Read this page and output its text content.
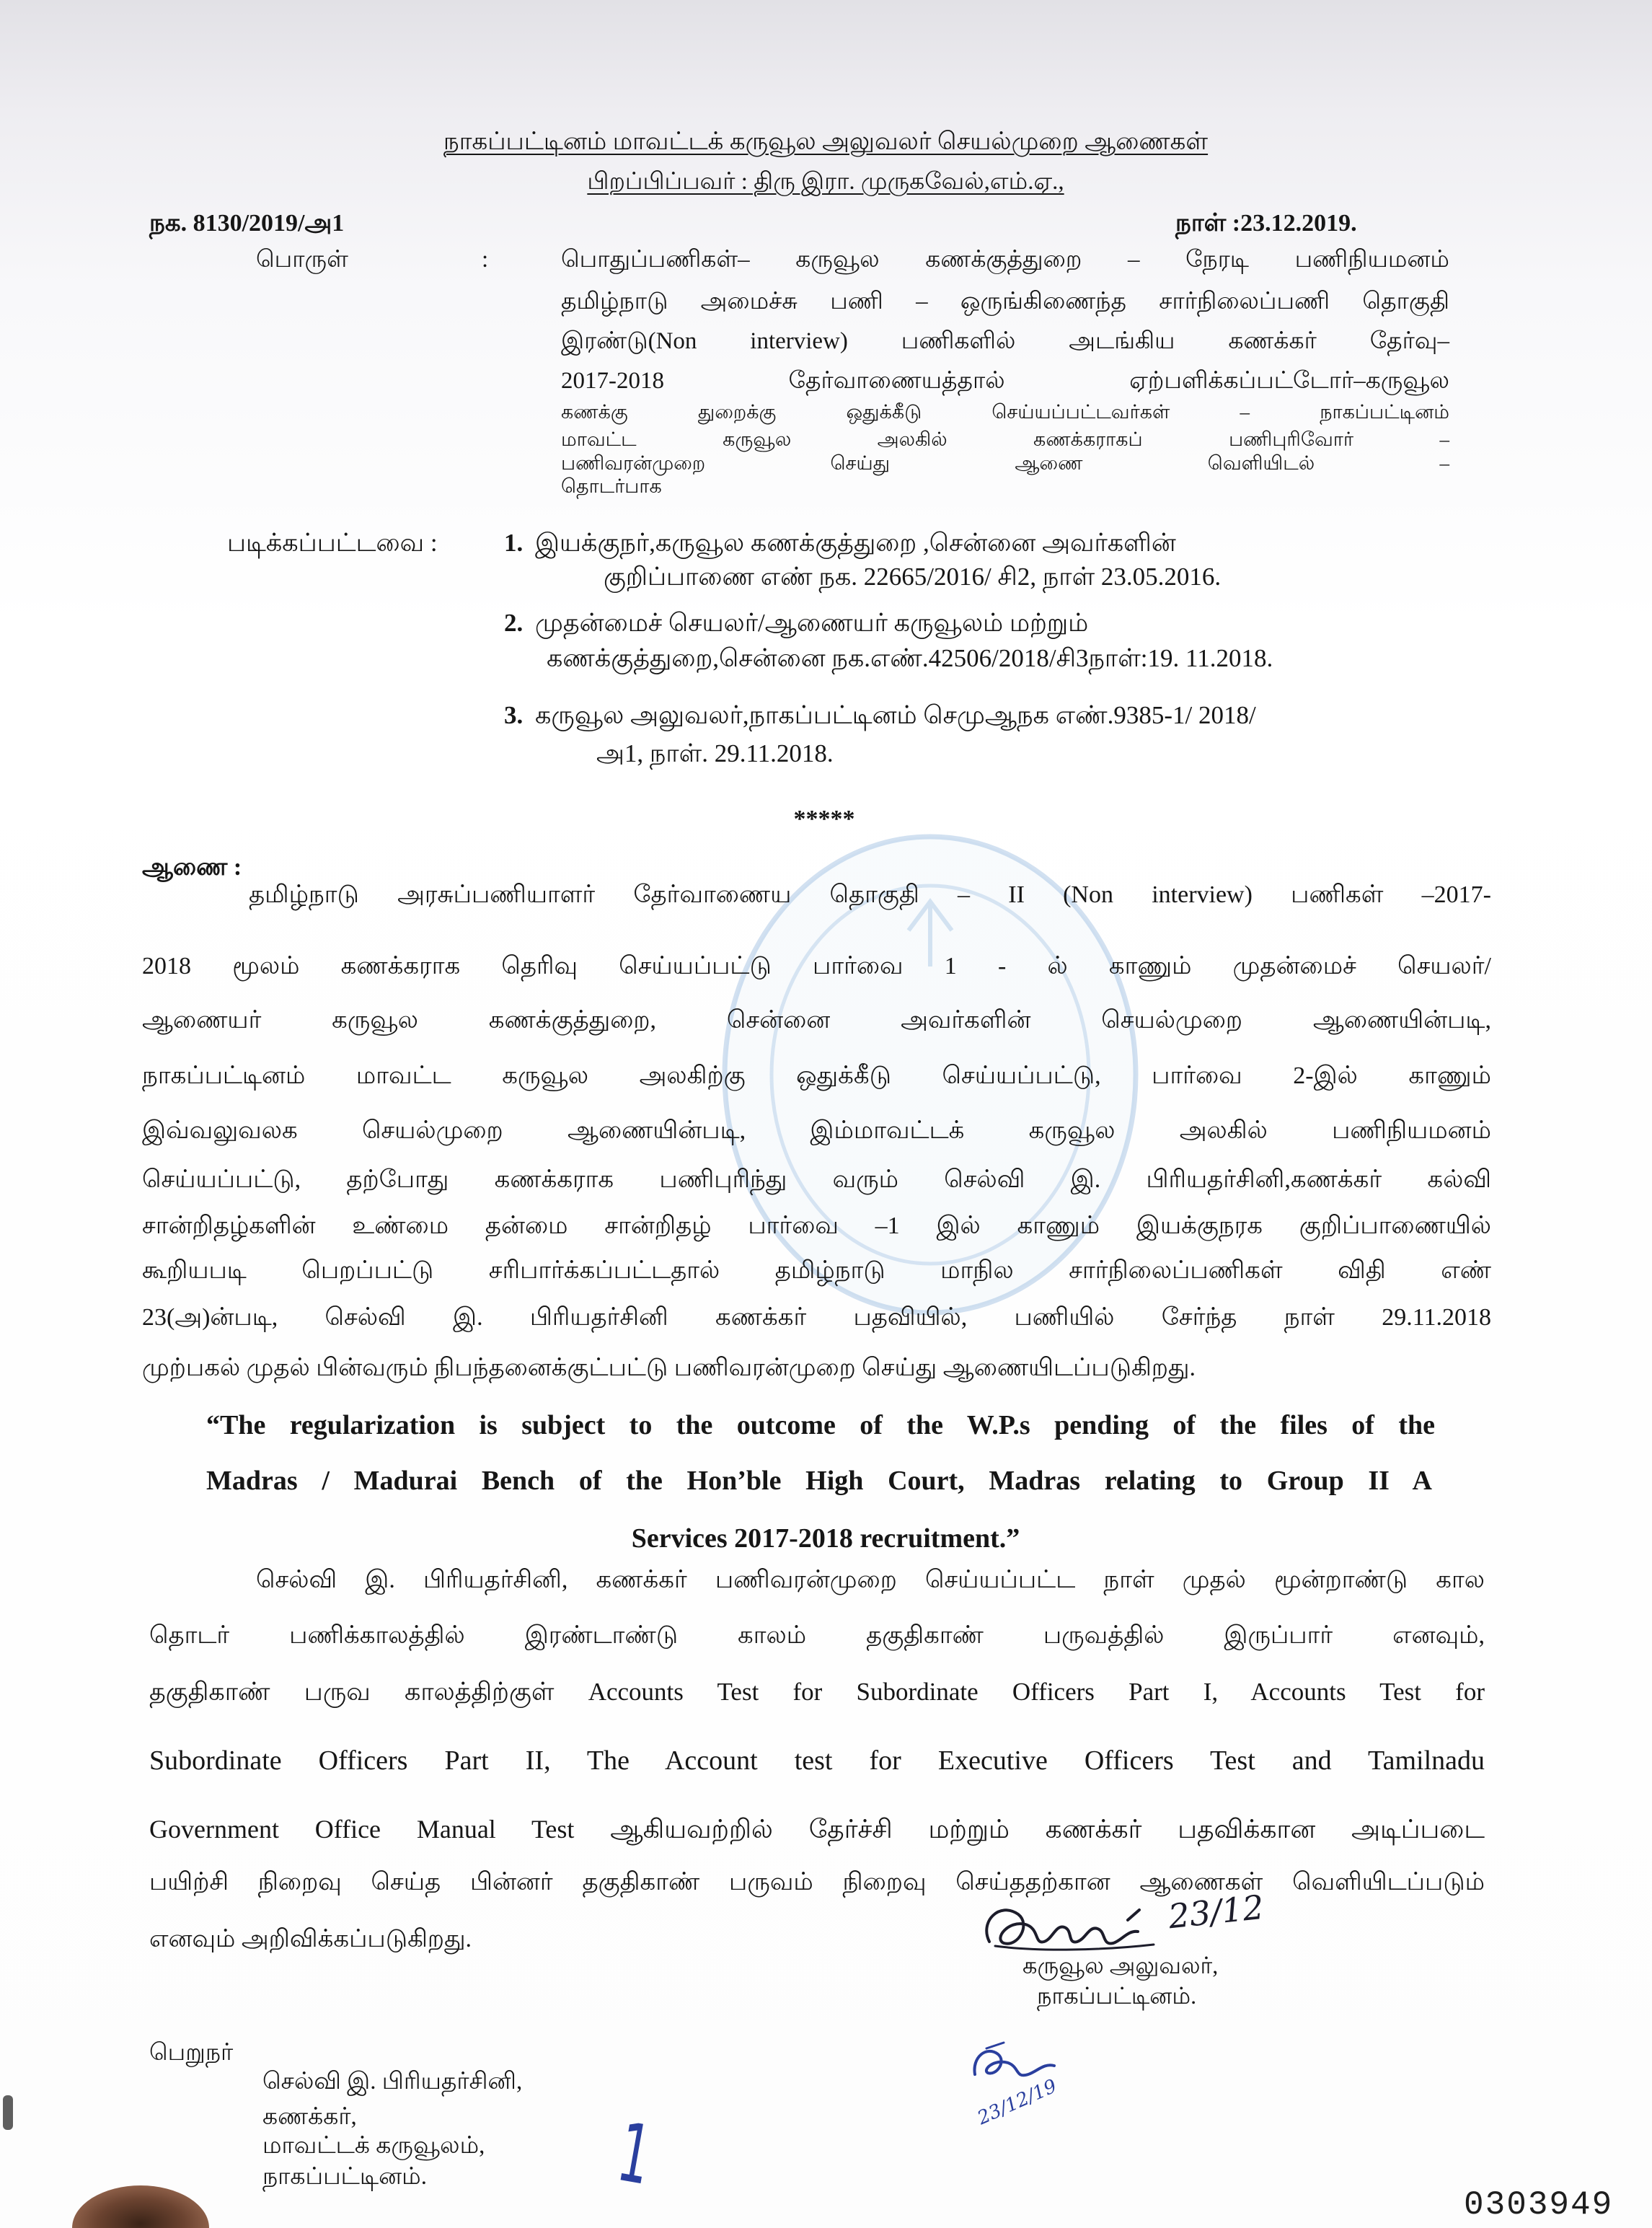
நாகப்பட்டினம் மாவட்டக் கருவூல அலுவலர் செயல்முறை ஆணைகள்
பிறப்பிப்பவர் : திரு இரா. முருகவேல்,எம்.ஏ.,
நக. 8130/2019/அ1	நாள் :23.12.2019.
பொருள்	:	பொதுப்பணிகள்– கருவூல கணக்குத்துறை – நேரடி பணிநியமனம்
தமிழ்நாடு அமைச்சு பணி – ஒருங்கிணைந்த சார்நிலைப்பணி தொகுதி
இரண்டு(Non interview) பணிகளில் அடங்கிய கணக்கர் தேர்வு–
2017-2018 தேர்வாணையத்தால் ஏற்பளிக்கப்பட்டோர்–கருவூல
கணக்கு துறைக்கு ஒதுக்கீடு செய்யப்பட்டவர்கள் – நாகப்பட்டினம்
மாவட்ட கருவூல அலகில் கணக்கராகப் பணிபுரிவோர் –
பணிவரன்முறை செய்து ஆணை வெளியிடல் –
தொடர்பாக
படிக்கப்பட்டவை :	1. இயக்குநர்,கருவூல கணக்குத்துறை ,சென்னை அவர்களின்
குறிப்பாணை எண் நக. 22665/2016/ சி2, நாள் 23.05.2016.
2. முதன்மைச் செயலர்/ஆணையர் கருவூலம் மற்றும்
கணக்குத்துறை,சென்னை நக.எண்.42506/2018/சி3நாள்:19. 11.2018.
3. கருவூல அலுவலர்,நாகப்பட்டினம் செமுஆநக எண்.9385-1/ 2018/
அ1, நாள். 29.11.2018.
*****
ஆணை :
தமிழ்நாடு அரசுப்பணியாளர் தேர்வாணைய தொகுதி – II (Non interview) பணிகள் –2017-
2018 மூலம் கணக்கராக தெரிவு செய்யப்பட்டு பார்வை 1 - ல் காணும் முதன்மைச் செயலர்/
ஆணையர் கருவூல கணக்குத்துறை, சென்னை அவர்களின் செயல்முறை ஆணையின்படி,
நாகப்பட்டினம் மாவட்ட கருவூல அலகிற்கு ஒதுக்கீடு செய்யப்பட்டு, பார்வை 2-இல் காணும்
இவ்வலுவலக செயல்முறை ஆணையின்படி, இம்மாவட்டக் கருவூல அலகில் பணிநியமனம்
செய்யப்பட்டு, தற்போது கணக்கராக பணிபுரிந்து வரும் செல்வி இ. பிரியதர்சினி,கணக்கர் கல்வி
சான்றிதழ்களின் உண்மை தன்மை சான்றிதழ் பார்வை –1 இல் காணும் இயக்குநரக குறிப்பாணையில்
கூறியபடி பெறப்பட்டு சரிபார்க்கப்பட்டதால் தமிழ்நாடு மாநில சார்நிலைப்பணிகள் விதி எண்
23(அ)ன்படி, செல்வி இ. பிரியதர்சினி கணக்கர் பதவியில், பணியில் சேர்ந்த நாள் 29.11.2018
முற்பகல் முதல் பின்வரும் நிபந்தனைக்குட்பட்டு பணிவரன்முறை செய்து ஆணையிடப்படுகிறது.
“The regularization is subject to the outcome of the W.P.s pending of the files of the
Madras / Madurai Bench of the Hon’ble High Court, Madras relating to Group II A
Services 2017-2018 recruitment.”
செல்வி இ. பிரியதர்சினி, கணக்கர் பணிவரன்முறை செய்யப்பட்ட நாள் முதல் மூன்றாண்டு கால
தொடர் பணிக்காலத்தில் இரண்டாண்டு காலம் தகுதிகாண் பருவத்தில் இருப்பார் எனவும்,
தகுதிகாண் பருவ காலத்திற்குள் Accounts Test for Subordinate Officers Part I, Accounts Test for
Subordinate Officers Part II, The Account test for Executive Officers Test and Tamilnadu
Government Office Manual Test ஆகியவற்றில் தேர்ச்சி மற்றும் கணக்கர் பதவிக்கான அடிப்படை
பயிற்சி நிறைவு செய்த பின்னர் தகுதிகாண் பருவம் நிறைவு செய்ததற்கான ஆணைகள் வெளியிடப்படும்
எனவும் அறிவிக்கப்படுகிறது.
23/12
கருவூல அலுவலர்,
நாகப்பட்டினம்.
பெறுநர்
செல்வி இ. பிரியதர்சினி,
கணக்கர்,
மாவட்டக் கருவூலம்,
நாகப்பட்டினம்.	1
23/12/19
0303949
